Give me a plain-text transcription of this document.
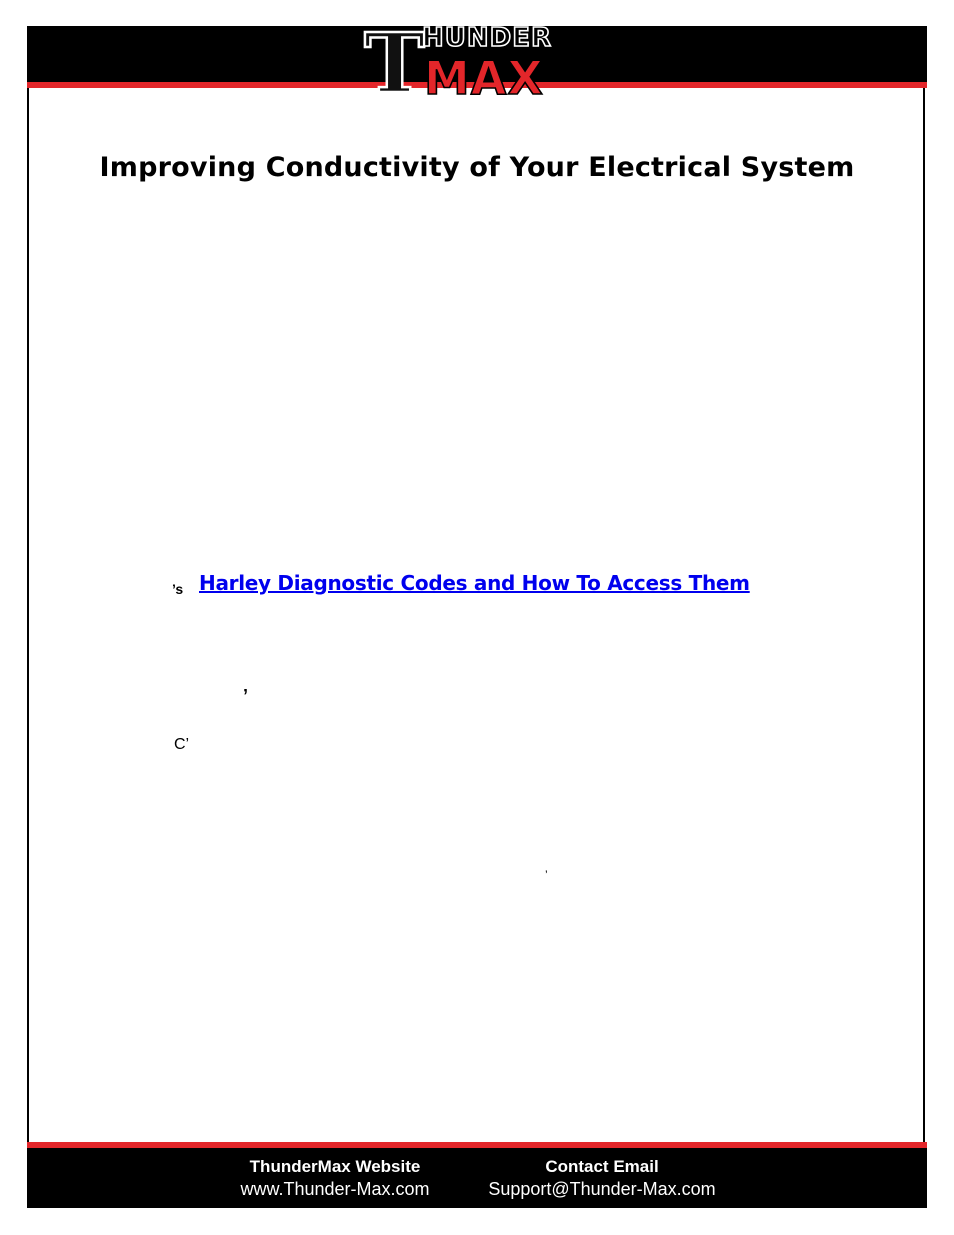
T
HUNDER
MAX
Improving Conductivity of Your Electrical System
’s Harley Diagnostic Codes and How To Access Them
’
C’
’
ThunderMax Website
www.Thunder-Max.com
Contact Email
Support@Thunder-Max.com
